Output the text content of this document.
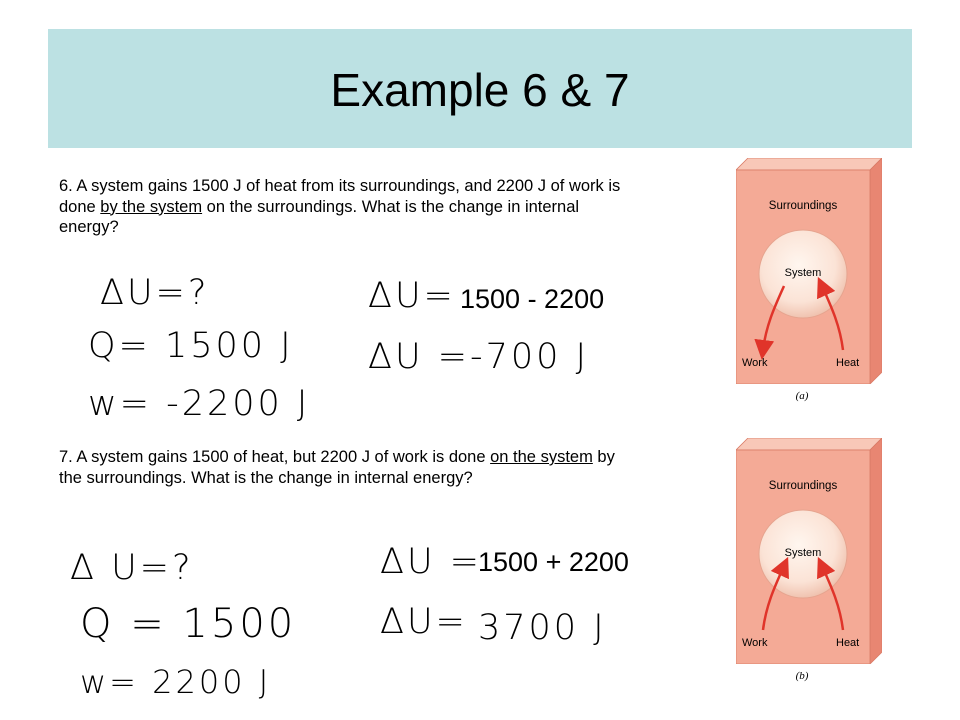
Example 6 & 7
6. A system gains 1500 J of heat from its surroundings, and 2200 J of work is done by the system on the surroundings. What is the change in internal energy?
ΔU=?
Q= 1500 J
w= -2200 J
ΔU= 1500 - 2200
ΔU =-700 J
7. A system gains 1500 of heat, but 2200 J of work is done on the system by the surroundings. What is the change in internal energy?
Δ U=?
Q = 1500
w= 2200 J
ΔU =
1500 + 2200
ΔU= 3700 J
Surroundings
System
Work	Heat
(a)
Surroundings
System
Work	Heat
(b)
